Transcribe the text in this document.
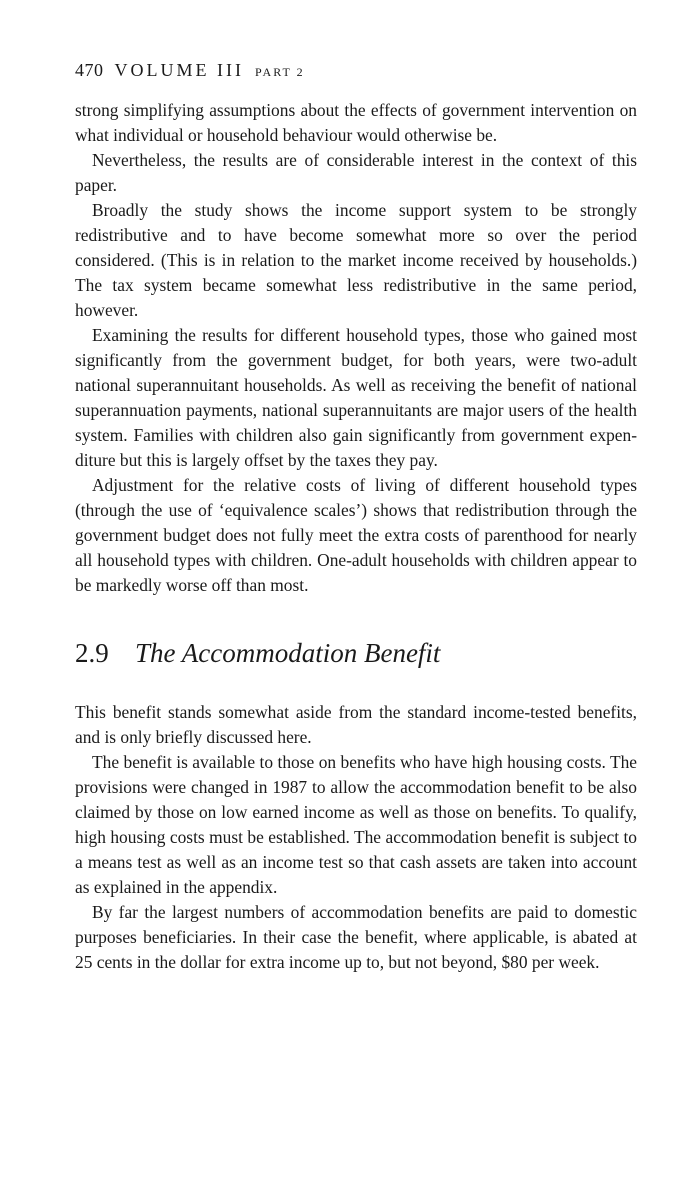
470 VOLUME III PART 2

strong simplifying assumptions about the effects of government intervention on what individual or household behaviour would otherwise be.

Nevertheless, the results are of considerable interest in the context of this paper.

Broadly the study shows the income support system to be strongly redistributive and to have become somewhat more so over the period considered. (This is in relation to the market income received by households.) The tax system became somewhat less redistributive in the same period, however.

Examining the results for different household types, those who gained most significantly from the government budget, for both years, were two-adult national superannuitant households. As well as receiving the benefit of national superannuation payments, national superannuitants are major users of the health system. Families with children also gain significantly from government expenditure but this is largely offset by the taxes they pay.

Adjustment for the relative costs of living of different household types (through the use of ‘equivalence scales’) shows that redistribution through the government budget does not fully meet the extra costs of parenthood for nearly all household types with children. One-adult households with children appear to be markedly worse off than most.

2.9 The Accommodation Benefit

This benefit stands somewhat aside from the standard income-tested benefits, and is only briefly discussed here.

The benefit is available to those on benefits who have high housing costs. The provisions were changed in 1987 to allow the accommodation benefit to be also claimed by those on low earned income as well as those on benefits. To qualify, high housing costs must be established. The accommodation benefit is subject to a means test as well as an income test so that cash assets are taken into account as explained in the appendix.

By far the largest numbers of accommodation benefits are paid to domestic purposes beneficiaries. In their case the benefit, where applicable, is abated at 25 cents in the dollar for extra income up to, but not beyond, $80 per week.
